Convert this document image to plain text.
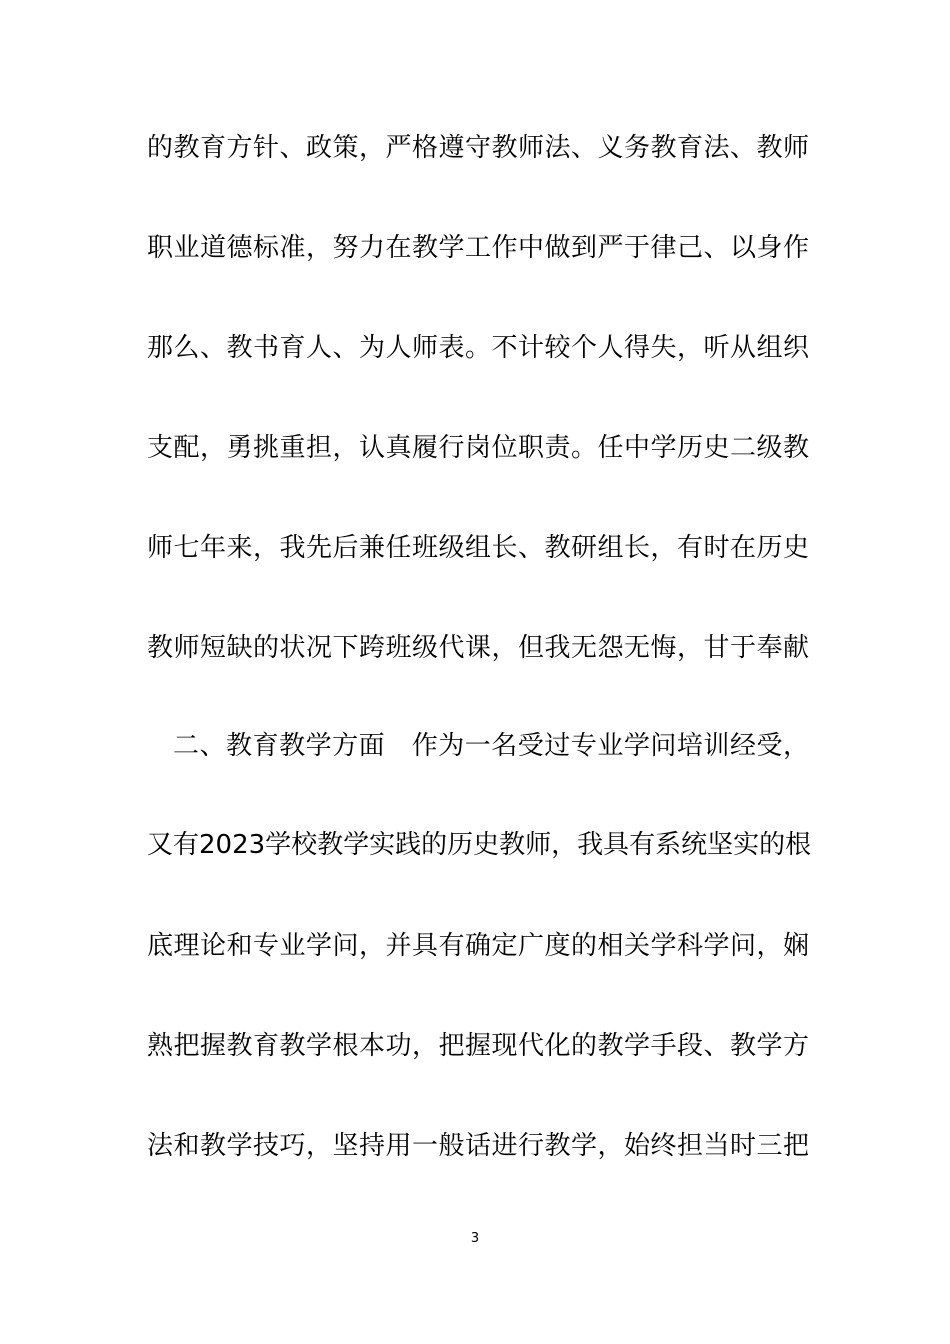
的教育方针、政策，严格遵守教师法、义务教育法、教师
职业道德标准，努力在教学工作中做到严于律己、以身作
那么、教书育人、为人师表。不计较个人得失，听从组织
支配，勇挑重担，认真履行岗位职责。任中学历史二级教
师七年来，我先后兼任班级组长、教研组长，有时在历史
教师短缺的状况下跨班级代课，但我无怨无悔，甘于奉献
二、教育教学方面　作为一名受过专业学问培训经受，
又有2023学校教学实践的历史教师，我具有系统坚实的根
底理论和专业学问，并具有确定广度的相关学科学问，娴
熟把握教育教学根本功，把握现代化的教学手段、教学方
法和教学技巧，坚持用一般话进行教学，始终担当时三把
3
